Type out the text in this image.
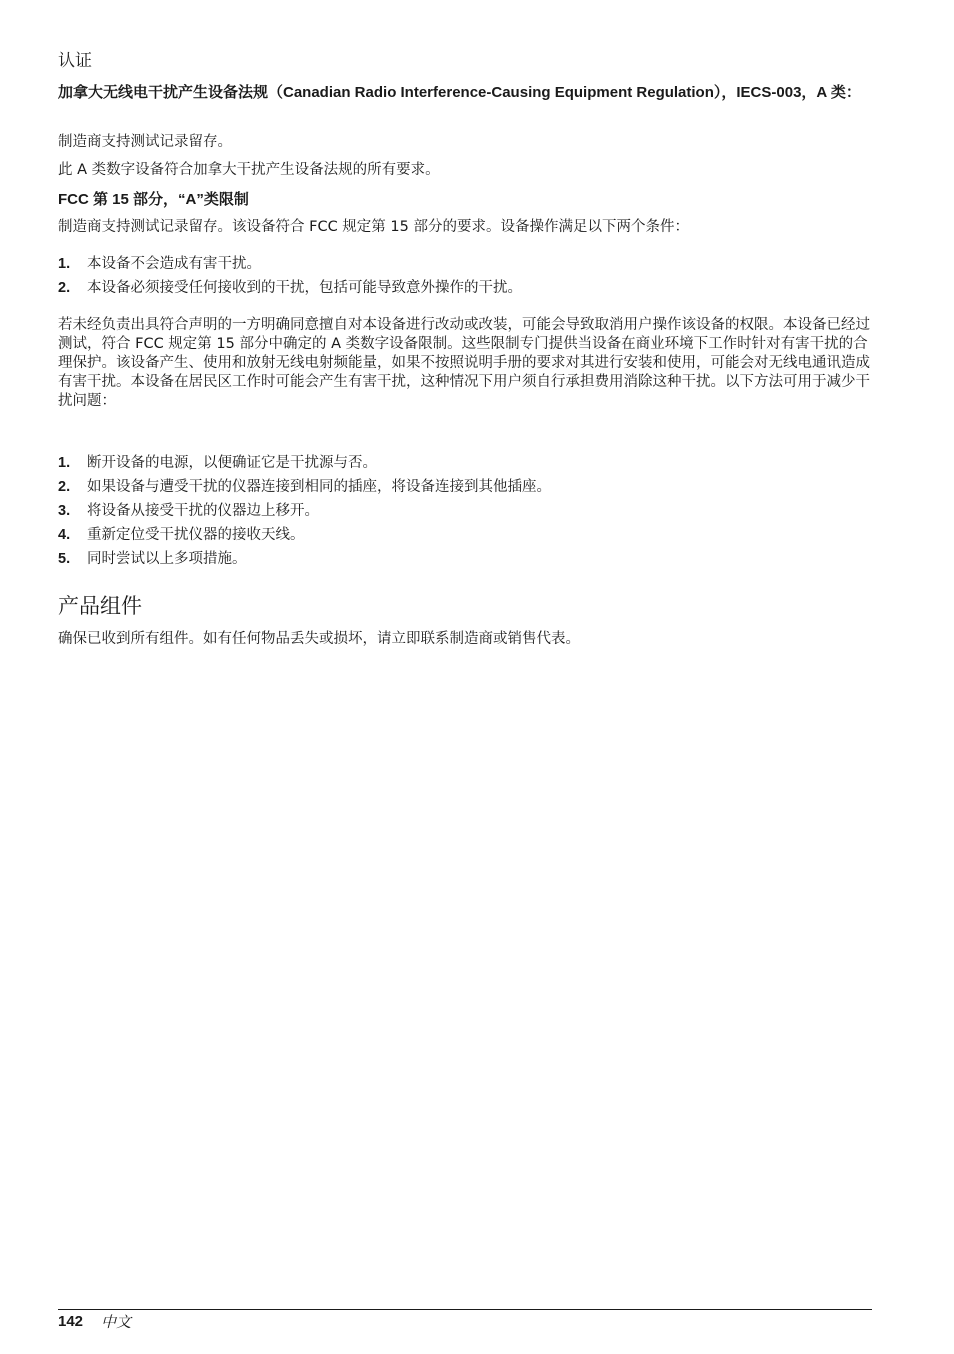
认证
加拿大无线电干扰产生设备法规（Canadian Radio Interference-Causing Equipment Regulation），IECS-003，A 类：

制造商支持测试记录留存。

此 A 类数字设备符合加拿大干扰产生设备法规的所有要求。

FCC 第 15 部分，“A”类限制

制造商支持测试记录留存。该设备符合 FCC 规定第 15 部分的要求。设备操作满足以下两个条件：

1.	本设备不会造成有害干扰。
2.	本设备必须接受任何接收到的干扰，包括可能导致意外操作的干扰。

若未经负责出具符合声明的一方明确同意擅自对本设备进行改动或改装，可能会导致取消用户操作该设备的权限。本设备已经过测试，符合 FCC 规定第 15 部分中确定的 A 类数字设备限制。这些限制专门提供当设备在商业环境下工作时针对有害干扰的合理保护。该设备产生、使用和放射无线电射频能量，如果不按照说明手册的要求对其进行安装和使用，可能会对无线电通讯造成有害干扰。本设备在居民区工作时可能会产生有害干扰，这种情况下用户须自行承担费用消除这种干扰。以下方法可用于减少干扰问题：

1.	断开设备的电源，以便确证它是干扰源与否。
2.	如果设备与遭受干扰的仪器连接到相同的插座，将设备连接到其他插座。
3.	将设备从接受干扰的仪器边上移开。
4.	重新定位受干扰仪器的接收天线。
5.	同时尝试以上多项措施。
产品组件

确保已收到所有组件。如有任何物品丢失或损坏，请立即联系制造商或销售代表。

142 中文
